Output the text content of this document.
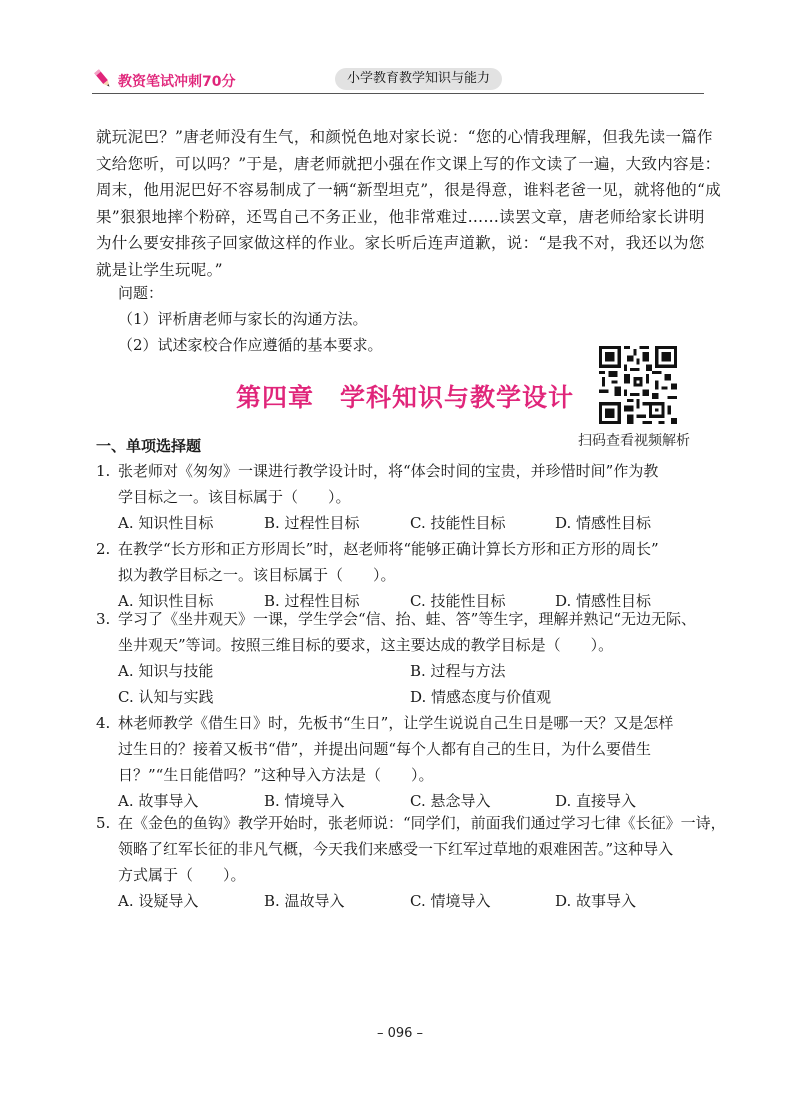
教资笔试冲刺70分	小学教育教学知识与能力
就玩泥巴？”唐老师没有生气，和颜悦色地对家长说：“您的心情我理解，但我先读一篇作
文给您听，可以吗？”于是，唐老师就把小强在作文课上写的作文读了一遍，大致内容是：
周末，他用泥巴好不容易制成了一辆“新型坦克”，很是得意，谁料老爸一见，就将他的“成
果”狠狠地摔个粉碎，还骂自己不务正业，他非常难过……读罢文章，唐老师给家长讲明
为什么要安排孩子回家做这样的作业。家长听后连声道歉，说：“是我不对，我还以为您
就是让学生玩呢。”
问题：
（1）评析唐老师与家长的沟通方法。
（2）试述家校合作应遵循的基本要求。
第四章　学科知识与教学设计
扫码查看视频解析
一、单项选择题
1. 张老师对《匆匆》一课进行教学设计时，将“体会时间的宝贵，并珍惜时间”作为教
学目标之一。该目标属于（　　）。
A. 知识性目标	B. 过程性目标	C. 技能性目标	D. 情感性目标
2. 在教学“长方形和正方形周长”时，赵老师将“能够正确计算长方形和正方形的周长”
拟为教学目标之一。该目标属于（　　）。
A. 知识性目标	B. 过程性目标	C. 技能性目标	D. 情感性目标
3. 学习了《坐井观天》一课，学生学会“信、抬、蛙、答”等生字，理解并熟记“无边无际、
坐井观天”等词。按照三维目标的要求，这主要达成的教学目标是（　　）。
A. 知识与技能	B. 过程与方法
C. 认知与实践	D. 情感态度与价值观
4. 林老师教学《借生日》时，先板书“生日”，让学生说说自己生日是哪一天？又是怎样
过生日的？接着又板书“借”，并提出问题“每个人都有自己的生日，为什么要借生
日？”“生日能借吗？”这种导入方法是（　　）。
A. 故事导入	B. 情境导入	C. 悬念导入	D. 直接导入
5. 在《金色的鱼钩》教学开始时，张老师说：“同学们，前面我们通过学习七律《长征》一诗，
领略了红军长征的非凡气概，今天我们来感受一下红军过草地的艰难困苦。”这种导入
方式属于（　　）。
A. 设疑导入	B. 温故导入	C. 情境导入	D. 故事导入
– 096 –
